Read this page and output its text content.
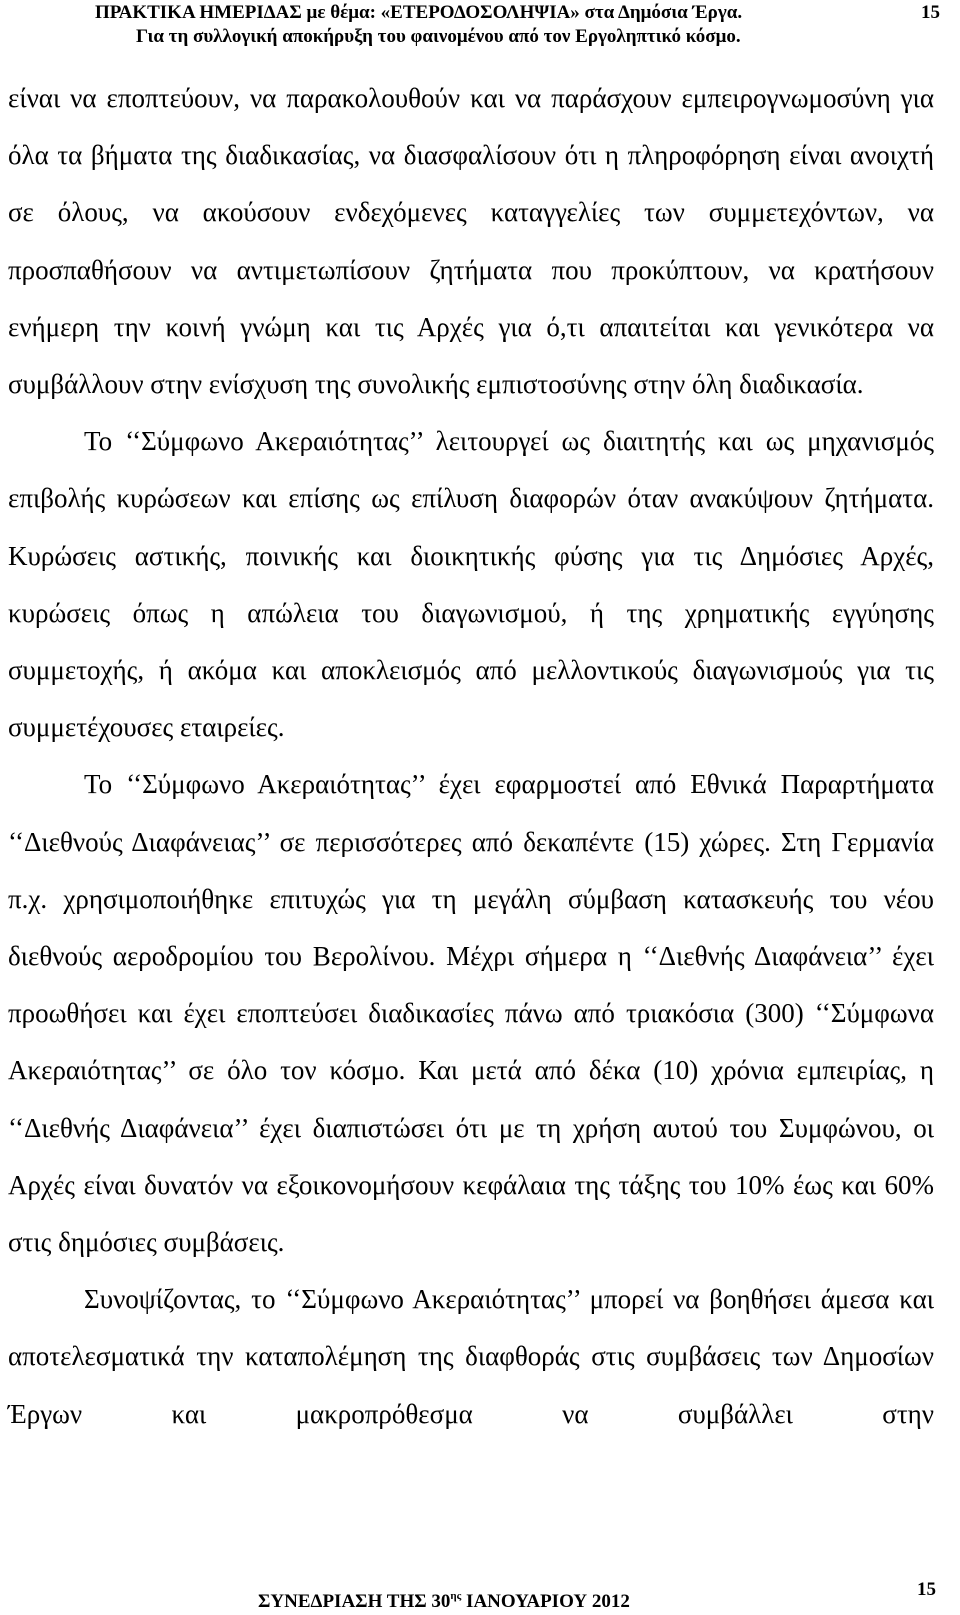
ΠΡΑΚΤΙΚΑ ΗΜΕΡΙΔΑΣ με θέμα: «ΕΤΕΡΟΔΟΣΟΛΗΨΙΑ» στα Δημόσια Έργα.
Για τη συλλογική αποκήρυξη του φαινομένου από τον Εργοληπτικό κόσμο.
15

είναι να εποπτεύουν, να παρακολουθούν και να παράσχουν εμπειρογνωμοσύνη για όλα τα βήματα της διαδικασίας, να διασφαλίσουν ότι η πληροφόρηση είναι ανοιχτή σε όλους, να ακούσουν ενδεχόμενες καταγγελίες των συμμετεχόντων, να προσπαθήσουν να αντιμετωπίσουν ζητήματα που προκύπτουν, να κρατήσουν ενήμερη την κοινή γνώμη και τις Αρχές για ό,τι απαιτείται και γενικότερα να συμβάλλουν στην ενίσχυση της συνολικής εμπιστοσύνης στην όλη διαδικασία.

Το ‘‘Σύμφωνο Ακεραιότητας’’ λειτουργεί ως διαιτητής και ως μηχανισμός επιβολής κυρώσεων και επίσης ως επίλυση διαφορών όταν ανακύψουν ζητήματα. Κυρώσεις αστικής, ποινικής και διοικητικής φύσης για τις Δημόσιες Αρχές, κυρώσεις όπως η απώλεια του διαγωνισμού, ή της χρηματικής εγγύησης συμμετοχής, ή ακόμα και αποκλεισμός από μελλοντικούς διαγωνισμούς για τις συμμετέχουσες εταιρείες.

Το ‘‘Σύμφωνο Ακεραιότητας’’ έχει εφαρμοστεί από Εθνικά Παραρτήματα ‘‘Διεθνούς Διαφάνειας’’ σε περισσότερες από δεκαπέντε (15) χώρες. Στη Γερμανία π.χ. χρησιμοποιήθηκε επιτυχώς για τη μεγάλη σύμβαση κατασκευής του νέου διεθνούς αεροδρομίου του Βερολίνου. Μέχρι σήμερα η ‘‘Διεθνής Διαφάνεια’’ έχει προωθήσει και έχει εποπτεύσει διαδικασίες πάνω από τριακόσια (300) ‘‘Σύμφωνα Ακεραιότητας’’ σε όλο τον κόσμο. Και μετά από δέκα (10) χρόνια εμπειρίας, η ‘‘Διεθνής Διαφάνεια’’ έχει διαπιστώσει ότι με τη χρήση αυτού του Συμφώνου, οι Αρχές είναι δυνατόν να εξοικονομήσουν κεφάλαια της τάξης του 10% έως και 60% στις δημόσιες συμβάσεις.

Συνοψίζοντας, το ‘‘Σύμφωνο Ακεραιότητας’’ μπορεί να βοηθήσει άμεσα και αποτελεσματικά την καταπολέμηση της διαφθοράς στις συμβάσεις των Δημοσίων Έργων και μακροπρόθεσμα να συμβάλλει στην

ΣΥΝΕΔΡΙΑΣΗ ΤΗΣ $30^{\eta\varsigma}$ ΙΑΝΟΥΑΡΙΟΥ 2012
15
